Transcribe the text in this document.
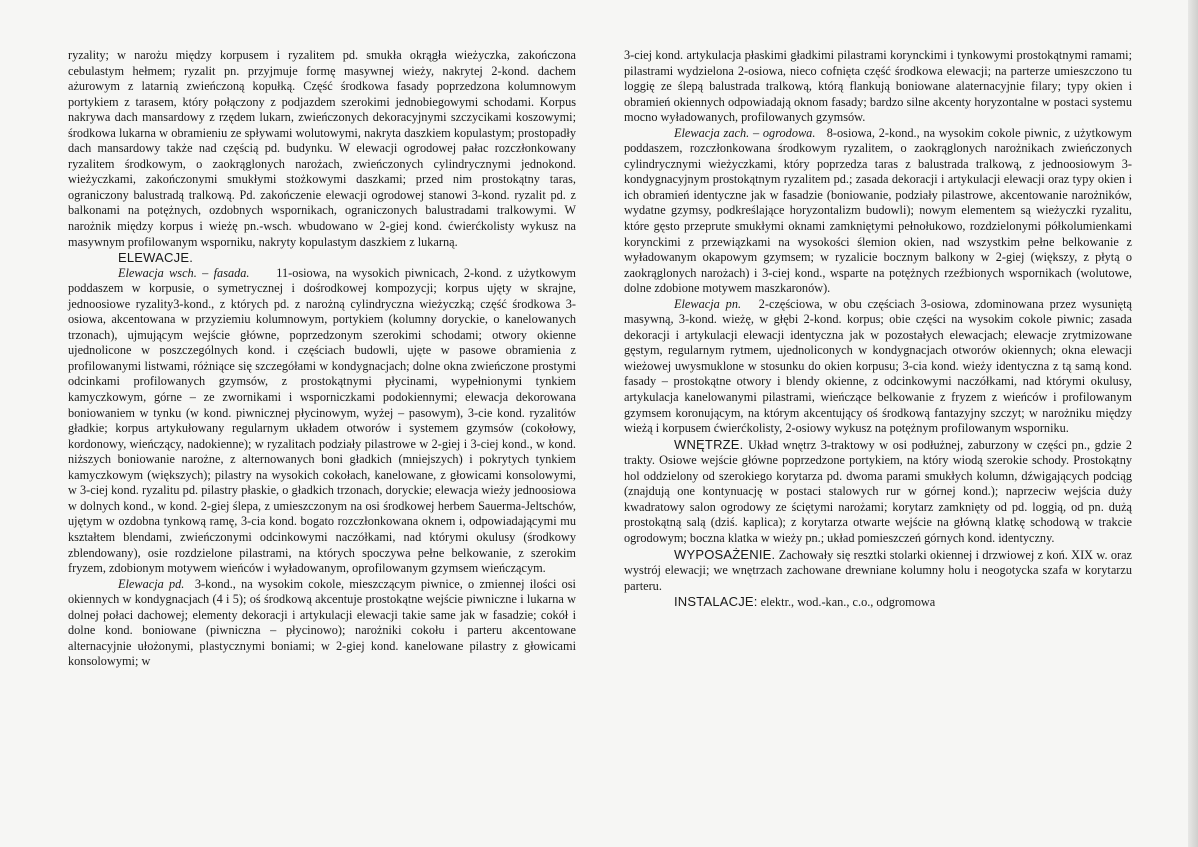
ryzality; w narożu między korpusem i ryzalitem pd. smukła okrągła wieżyczka, zakończona cebulastym hełmem; ryzalit pn. przyjmuje formę masywnej wieży, nakrytej 2-kond. dachem ażurowym z latarnią zwieńczoną kopułką. Część środkowa fasady poprzedzona kolumnowym portykiem z tarasem, który połączony z podjazdem szerokimi jednobiegowymi schodami. Korpus nakrywa dach mansardowy z rzędem lukarn, zwieńczonych dekoracyjnymi szczycikami koszowymi; środkowa lukarna w obramieniu ze spływami wolutowymi, nakryta daszkiem kopulastym; prostopadły dach mansardowy także nad częścią pd. budynku. W elewacji ogrodowej pałac rozczłonkowany ryzalitem środkowym, o zaokrąglonych narożach, zwieńczonych cylindrycznymi jednokond. wieżyczkami, zakończonymi smukłymi stożkowymi daszkami; przed nim prostokątny taras, ograniczony balustradą tralkową. Pd. zakończenie elewacji ogrodowej stanowi 3-kond. ryzalit pd. z balkonami na potężnych, ozdobnych wspornikach, ograniczonych balustradami tralkowymi. W narożnik między korpus i wieżę pn.-wsch. wbudowano w 2-giej kond. ćwierćkolisty wykusz na masywnym profilowanym wsporniku, nakryty kopulastym daszkiem z lukarną.

ELEWACJE.

Elewacja wsch. – fasada. 11-osiowa, na wysokich piwnicach, 2-kond. z użytkowym poddaszem w korpusie, o symetrycznej i dośrodkowej kompozycji; korpus ujęty w skrajne, jednoosiowe ryzality3-kond., z których pd. z narożną cylindryczna wieżyczką; część środkowa 3-osiowa, akcentowana w przyziemiu kolumnowym, portykiem (kolumny doryckie, o kanelowanych trzonach), ujmującym wejście główne, poprzedzonym szerokimi schodami; otwory okienne ujednolicone w poszczególnych kond. i częściach budowli, ujęte w pasowe obramienia z profilowanymi listwami, różniące się szczegółami w kondygnacjach; dolne okna zwieńczone prostymi odcinkami profilowanych gzymsów, z prostokątnymi płycinami, wypełnionymi tynkiem kamyczkowym, górne – ze zwornikami i wsporniczkami podokiennymi; elewacja dekorowana boniowaniem w tynku (w kond. piwnicznej płycinowym, wyżej – pasowym), 3-cie kond. ryzalitów gładkie; korpus artykułowany regularnym układem otworów i systemem gzymsów (cokołowy, kordonowy, wieńczący, nadokienne); w ryzalitach podziały pilastrowe w 2-giej i 3-ciej kond., w kond. niższych boniowanie narożne, z alternowanych boni gładkich (mniejszych) i pokrytych tynkiem kamyczkowym (większych); pilastry na wysokich cokołach, kanelowane, z głowicami konsolowymi, w 3-ciej kond. ryzalitu pd. pilastry płaskie, o gładkich trzonach, doryckie; elewacja wieży jednoosiowa w dolnych kond., w kond. 2-giej ślepa, z umieszczonym na osi środkowej herbem Sauerma-Jeltschów, ujętym w ozdobna tynkową ramę, 3-cia kond. bogato rozczłonkowana oknem i, odpowiadającymi mu kształtem blendami, zwieńczonymi odcinkowymi naczółkami, nad którymi okulusy (środkowy zblendowany), osie rozdzielone pilastrami, na których spoczywa pełne belkowanie, z szerokim fryzem, zdobionym motywem wieńców i wyładowanym, oprofilowanym gzymsem wieńczącym.

Elewacja pd. 3-kond., na wysokim cokole, mieszczącym piwnice, o zmiennej ilości osi okiennych w kondygnacjach (4 i 5); oś środkową akcentuje prostokątne wejście piwniczne i lukarna w dolnej połaci dachowej; elementy dekoracji i artykulacji elewacji takie same jak w fasadzie; cokół i dolne kond. boniowane (piwniczna – płycinowo); narożniki cokołu i parteru akcentowane alternacyjnie ułożonymi, plastycznymi boniami; w 2-giej kond. kanelowane pilastry z głowicami konsolowymi; w

3-ciej kond. artykulacja płaskimi gładkimi pilastrami korynckimi i tynkowymi prostokątnymi ramami; pilastrami wydzielona 2-osiowa, nieco cofnięta część środkowa elewacji; na parterze umieszczono tu loggię ze ślepą balustrada tralkową, którą flankują boniowane alaternacyjnie filary; typy okien i obramień okiennych odpowiadają oknom fasady; bardzo silne akcenty horyzontalne w postaci systemu mocno wyładowanych, profilowanych gzymsów.

Elewacja zach. – ogrodowa. 8-osiowa, 2-kond., na wysokim cokole piwnic, z użytkowym poddaszem, rozczłonkowana środkowym ryzalitem, o zaokrąglonych narożnikach zwieńczonych cylindrycznymi wieżyczkami, który poprzedza taras z balustrada tralkową, z jednoosiowym 3-kondygnacyjnym prostokątnym ryzalitem pd.; zasada dekoracji i artykulacji elewacji oraz typy okien i ich obramień identyczne jak w fasadzie (boniowanie, podziały pilastrowe, akcentowanie narożników, wydatne gzymsy, podkreślające horyzontalizm budowli); nowym elementem są wieżyczki ryzalitu, które gęsto przeprute smukłymi oknami zamkniętymi pełnołukowo, rozdzielonymi półkolumienkami korynckimi z przewiązkami na wysokości ślemion okien, nad wszystkim pełne belkowanie z wyładowanym okapowym gzymsem; w ryzalicie bocznym balkony w 2-giej (większy, z płytą o zaokrąglonych narożach) i 3-ciej kond., wsparte na potężnych rzeźbionych wspornikach (wolutowe, dolne zdobione motywem maszkaronów).

Elewacja pn. 2-częściowa, w obu częściach 3-osiowa, zdominowana przez wysuniętą masywną, 3-kond. wieżę, w głębi 2-kond. korpus; obie części na wysokim cokole piwnic; zasada dekoracji i artykulacji elewacji identyczna jak w pozostałych elewacjach; elewacje zrytmizowane gęstym, regularnym rytmem, ujednoliconych w kondygnacjach otworów okiennych; okna elewacji wieżowej uwysmuklone w stosunku do okien korpusu; 3-cia kond. wieży identyczna z tą samą kond. fasady – prostokątne otwory i blendy okienne, z odcinkowymi naczółkami, nad którymi okulusy, artykulacja kanelowanymi pilastrami, wieńczące belkowanie z fryzem z wieńców i profilowanym gzymsem koronującym, na którym akcentujący oś środkową fantazyjny szczyt; w narożniku między wieżą i korpusem ćwierćkolisty, 2-osiowy wykusz na potężnym profilowanym wsporniku.

WNĘTRZE. Układ wnętrz 3-traktowy w osi podłużnej, zaburzony w części pn., gdzie 2 trakty. Osiowe wejście główne poprzedzone portykiem, na który wiodą szerokie schody. Prostokątny hol oddzielony od szerokiego korytarza pd. dwoma parami smukłych kolumn, dźwigających podciąg (znajdują one kontynuację w postaci stalowych rur w górnej kond.); naprzeciw wejścia duży kwadratowy salon ogrodowy ze ściętymi narożami; korytarz zamknięty od pd. loggią, od pn. dużą prostokątną salą (dziś. kaplica); z korytarza otwarte wejście na główną klatkę schodową w trakcie ogrodowym; boczna klatka w wieży pn.; układ pomieszczeń górnych kond. identyczny.

WYPOSAŻENIE. Zachowały się resztki stolarki okiennej i drzwiowej z koń. XIX w. oraz wystrój elewacji; we wnętrzach zachowane drewniane kolumny holu i neogotycka szafa w korytarzu parteru.

INSTALACJE: elektr., wod.-kan., c.o., odgromowa
